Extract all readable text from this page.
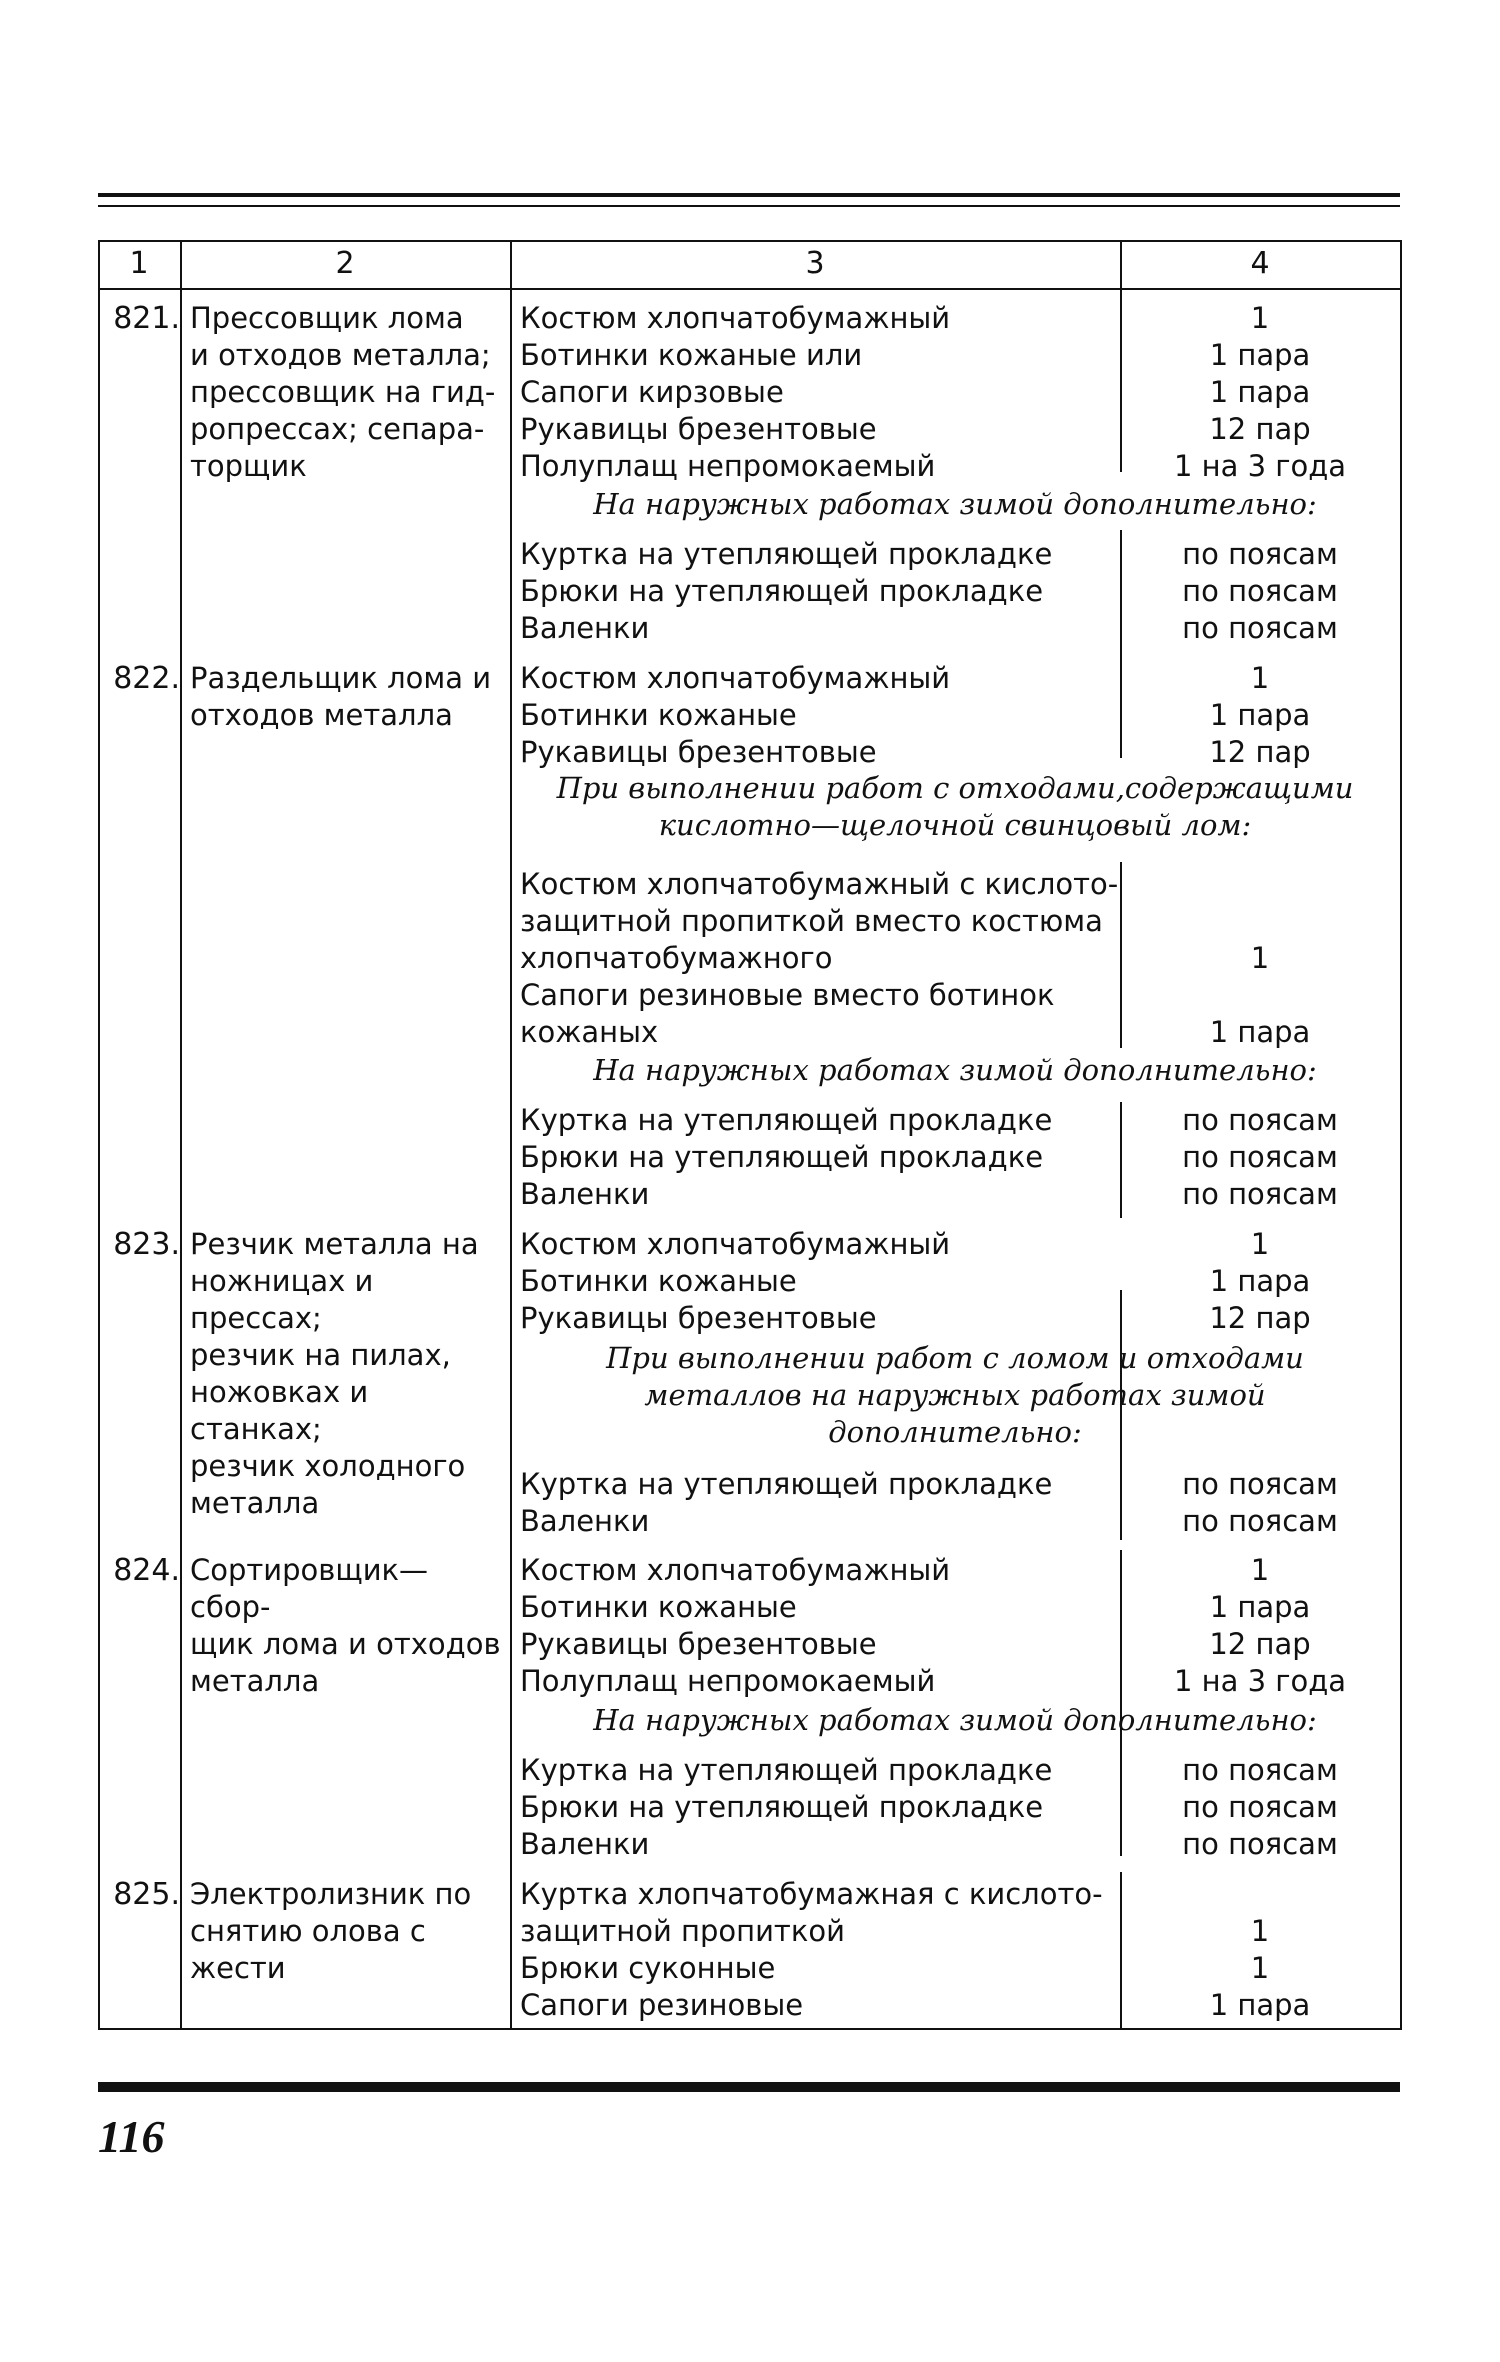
1	2	3	4
821. Прессовщик лома
и отходов металла;
прессовщик на гид-
ропрессах; сепара-
торщик
Костюм хлопчатобумажный	1
Ботинки кожаные или	1 пара
Сапоги кирзовые	1 пара
Рукавицы брезентовые	12 пар
Полуплащ непромокаемый	1 на 3 года
На наружных работах зимой дополнительно:
Куртка на утепляющей прокладке	по поясам
Брюки на утепляющей прокладке	по поясам
Валенки	по поясам
822. Раздельщик лома и
отходов металла
Костюм хлопчатобумажный	1
Ботинки кожаные	1 пара
Рукавицы брезентовые	12 пар
При выполнении работ с отходами,содержащими
кислотно—щелочной свинцовый лом:
Костюм хлопчатобумажный с кислото-
защитной пропиткой вместо костюма
хлопчатобумажного	1
Сапоги резиновые вместо ботинок
кожаных	1 пара
На наружных работах зимой дополнительно:
Куртка на утепляющей прокладке	по поясам
Брюки на утепляющей прокладке	по поясам
Валенки	по поясам
823. Резчик металла на
ножницах и прессах;
резчик на пилах,
ножовках и станках;
резчик холодного
металла
Костюм хлопчатобумажный	1
Ботинки кожаные	1 пара
Рукавицы брезентовые	12 пар
При выполнении работ с ломом и отходами
металлов на наружных работах зимой
дополнительно:
Куртка на утепляющей прокладке	по поясам
Валенки	по поясам
824. Сортировщик—сбор-
щик лома и отходов
металла
Костюм хлопчатобумажный	1
Ботинки кожаные	1 пара
Рукавицы брезентовые	12 пар
Полуплащ непромокаемый	1 на 3 года
На наружных работах зимой дополнительно:
Куртка на утепляющей прокладке	по поясам
Брюки на утепляющей прокладке	по поясам
Валенки	по поясам
825. Электролизник по
снятию олова с
жести
Куртка хлопчатобумажная с кислото-
защитной пропиткой	1
Брюки суконные	1
Сапоги резиновые	1 пара
116
